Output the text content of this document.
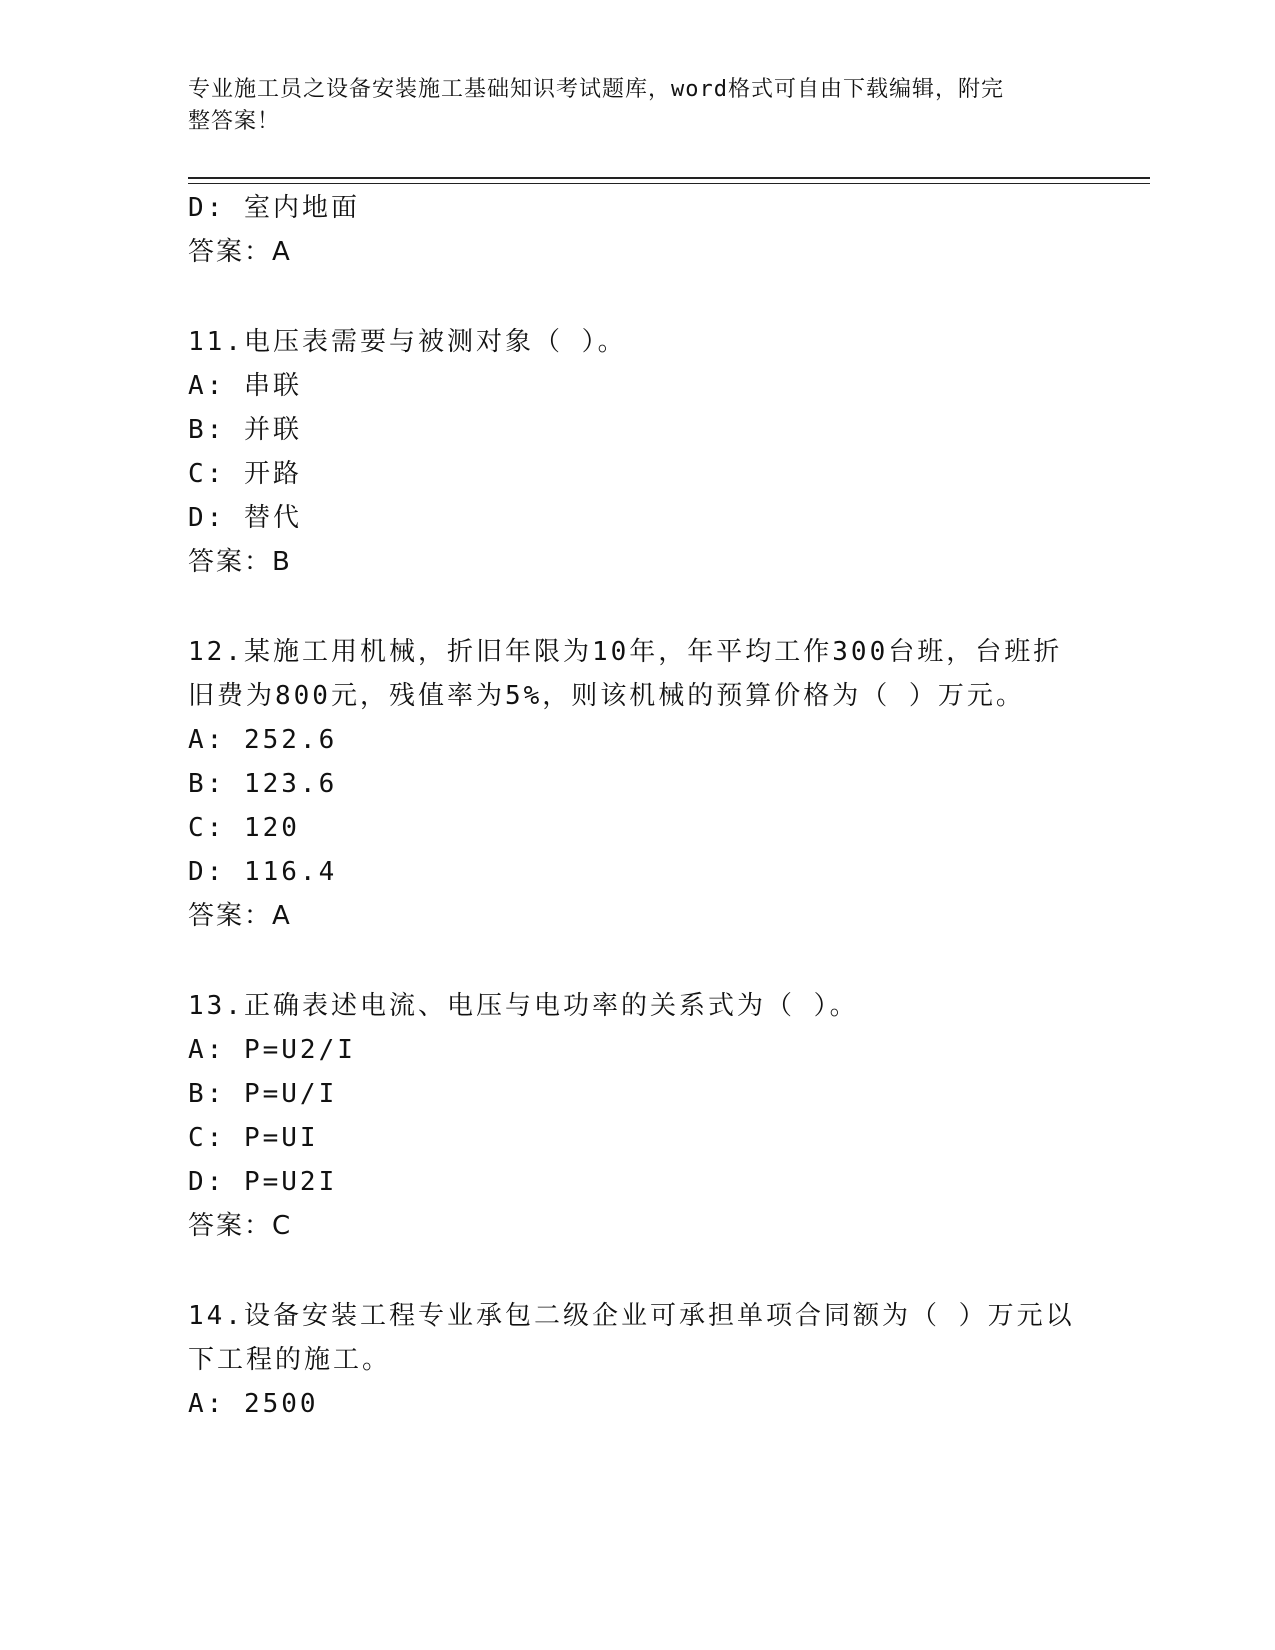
专业施工员之设备安装施工基础知识考试题库，word格式可自由下载编辑，附完
整答案！
D: 室内地面
答案：A
11.电压表需要与被测对象（ ）。
A: 串联
B: 并联
C: 开路
D: 替代
答案：B
12.某施工用机械，折旧年限为10年，年平均工作300台班，台班折
旧费为800元，残值率为5%，则该机械的预算价格为（ ）万元。
A: 252.6
B: 123.6
C: 120
D: 116.4
答案：A
13.正确表述电流、电压与电功率的关系式为（ ）。
A: P=U2/I
B: P=U/I
C: P=UI
D: P=U2I
答案：C
14.设备安装工程专业承包二级企业可承担单项合同额为（ ）万元以
下工程的施工。
A: 2500
